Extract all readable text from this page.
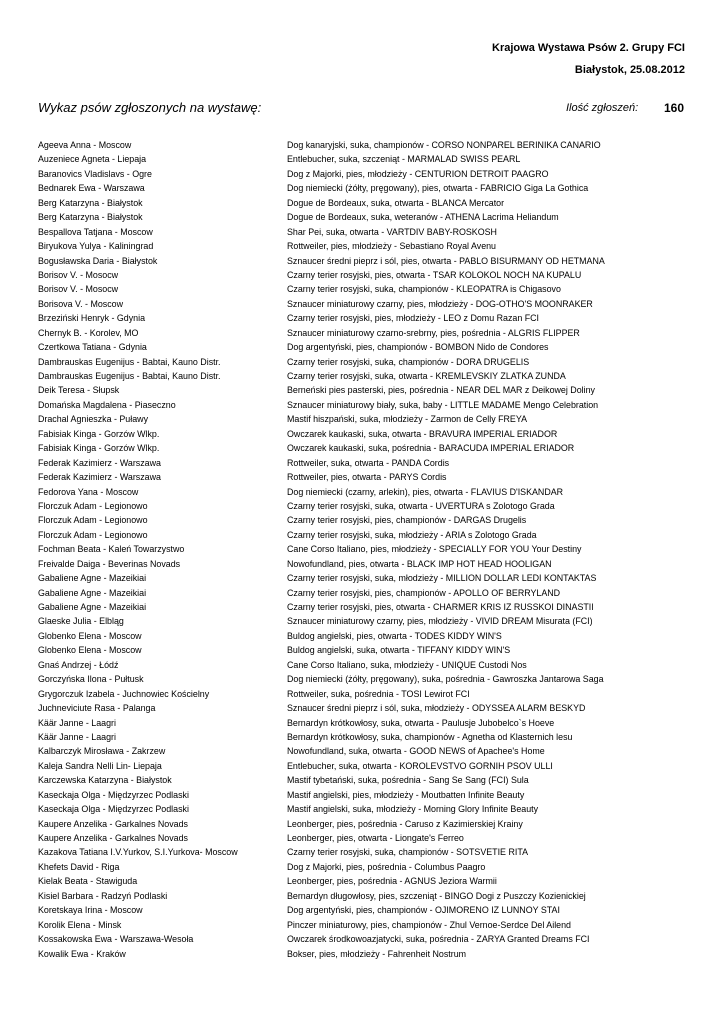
Krajowa Wystawa Psów 2. Grupy FCI
Białystok, 25.08.2012
Wykaz psów zgłoszonych na wystawę:	Ilość zgłoszeń: 160
Ageeva Anna - Moscow	Dog kanaryjski, suka, championów - CORSO NONPAREL BERINIKA CANARIO
Auzeniece Agneta - Liepaja	Entlebucher, suka, szczeniąt - MARMALAD SWISS PEARL
Baranovics Vladislavs - Ogre	Dog z Majorki, pies, młodzieży - CENTURION DETROIT PAAGRO
Bednarek Ewa - Warszawa	Dog niemiecki (żółty, pręgowany), pies, otwarta - FABRICIO Giga La Gothica
Berg Katarzyna - Białystok	Dogue de Bordeaux, suka, otwarta - BLANCA Mercator
Berg Katarzyna - Białystok	Dogue de Bordeaux, suka, weteranów - ATHENA Lacrima Heliandum
Bespallova Tatjana - Moscow	Shar Pei, suka, otwarta - VARTDIV BABY-ROSKOSH
Biryukova Yulya - Kaliningrad	Rottweiler, pies, młodzieży - Sebastiano Royal Avenu
Bogusławska Daria - Białystok	Sznaucer średni pieprz i sól, pies, otwarta - PABLO BISURMANY OD HETMANA
Borisov V. - Mosocw	Czarny terier rosyjski, pies, otwarta - TSAR KOLOKOL NOCH NA KUPALU
Borisov V. - Mosocw	Czarny terier rosyjski, suka, championów - KLEOPATRA is Chigasovo
Borisova V. - Moscow	Sznaucer miniaturowy czarny, pies, młodzieży - DOG-OTHO'S MOONRAKER
Brzeziński Henryk - Gdynia	Czarny terier rosyjski, pies, młodzieży - LEO z Domu Razan FCI
Chernyk B. - Korolev, MO	Sznaucer miniaturowy czarno-srebrny, pies, pośrednia - ALGRIS FLIPPER
Czertkowa Tatiana - Gdynia	Dog argentyński, pies, championów - BOMBON Nido de Condores
Dambrauskas Eugenijus - Babtai, Kauno Distr.	Czarny terier rosyjski, suka, championów - DORA DRUGELIS
Dambrauskas Eugenijus - Babtai, Kauno Distr.	Czarny terier rosyjski, suka, otwarta - KREMLEVSKIY ZLATKA ZUNDA
Deik Teresa - Słupsk	Berneński pies pasterski, pies, pośrednia - NEAR DEL MAR z Deikowej Doliny
Domańska Magdalena - Piaseczno	Sznaucer miniaturowy biały, suka, baby - LITTLE MADAME Mengo Celebration
Drachal Agnieszka - Puławy	Mastif hiszpański, suka, młodzieży - Zarmon de Celly FREYA
Fabisiak Kinga - Gorzów Wlkp.	Owczarek kaukaski, suka, otwarta - BRAVURA IMPERIAL ERIADOR
Fabisiak Kinga - Gorzów Wlkp.	Owczarek kaukaski, suka, pośrednia - BARACUDA IMPERIAL ERIADOR
Federak Kazimierz - Warszawa	Rottweiler, suka, otwarta - PANDA Cordis
Federak Kazimierz - Warszawa	Rottweiler, pies, otwarta - PARYS Cordis
Fedorova Yana - Moscow	Dog niemiecki (czarny, arlekin), pies, otwarta - FLAVIUS D'ISKANDAR
Florczuk Adam - Legionowo	Czarny terier rosyjski, suka, otwarta - UVERTURA s Zolotogo Grada
Florczuk Adam - Legionowo	Czarny terier rosyjski, pies, championów - DARGAS Drugelis
Florczuk Adam - Legionowo	Czarny terier rosyjski, suka, młodzieży - ARIA s Zolotogo Grada
Fochman Beata - Kaleń Towarzystwo	Cane Corso Italiano, pies, młodzieży - SPECIALLY FOR YOU Your Destiny
Freivalde Daiga - Beverinas Novads	Nowofundland, pies, otwarta - BLACK IMP HOT HEAD HOOLIGAN
Gabaliene Agne - Mazeikiai	Czarny terier rosyjski, suka, młodzieży - MILLION DOLLAR LEDI KONTAKTAS
Gabaliene Agne - Mazeikiai	Czarny terier rosyjski, pies, championów - APOLLO OF BERRYLAND
Gabaliene Agne - Mazeikiai	Czarny terier rosyjski, pies, otwarta - CHARMER KRIS IZ RUSSKOI DINASTII
Glaeske Julia - Elbląg	Sznaucer miniaturowy czarny, pies, młodzieży - VIVID DREAM Misurata (FCI)
Globenko Elena - Moscow	Buldog angielski, pies, otwarta - TODES KIDDY WIN'S
Globenko Elena - Moscow	Buldog angielski, suka, otwarta - TIFFANY KIDDY WIN'S
Gnaś Andrzej - Łódź	Cane Corso Italiano, suka, młodzieży - UNIQUE Custodi Nos
Gorczyńska Ilona - Pułtusk	Dog niemiecki (żółty, pręgowany), suka, pośrednia - Gawroszka Jantarowa Saga
Grygorczuk Izabela - Juchnowiec Kościelny	Rottweiler, suka, pośrednia - TOSI Lewirot FCI
Juchneviciute Rasa - Palanga	Sznaucer średni pieprz i sól, suka, młodzieży - ODYSSEA ALARM BESKYD
Käär Janne - Laagri	Bernardyn krótkowłosy, suka, otwarta - Paulusje Jubobelco`s Hoeve
Käär Janne - Laagri	Bernardyn krótkowłosy, suka, championów - Agnetha od Klasternich lesu
Kalbarczyk Mirosława - Zakrzew	Nowofundland, suka, otwarta - GOOD NEWS of Apachee's Home
Kaleja Sandra Nelli Lin- Liepaja	Entlebucher, suka, otwarta - KOROLEVSTVO GORNIH PSOV ULLI
Karczewska Katarzyna - Białystok	Mastif tybetański, suka, pośrednia - Sang Se Sang (FCI) Sula
Kaseckaja Olga - Międzyrzec Podlaski	Mastif angielski, pies, młodzieży - Moutbatten Infinite Beauty
Kaseckaja Olga - Międzyrzec Podlaski	Mastif angielski, suka, młodzieży - Morning Glory Infinite Beauty
Kaupere Anzelika - Garkalnes Novads	Leonberger, pies, pośrednia - Caruso z Kazimierskiej Krainy
Kaupere Anzelika - Garkalnes Novads	Leonberger, pies, otwarta - Liongate's Ferreo
Kazakova Tatiana I.V.Yurkov, S.I.Yurkova- Moscow	Czarny terier rosyjski, suka, championów - SOTSVETIE RITA
Khefets David - Riga	Dog z Majorki, pies, pośrednia - Columbus Paagro
Kielak Beata - Stawiguda	Leonberger, pies, pośrednia - AGNUS Jeziora Warmii
Kisiel Barbara - Radzyń Podlaski	Bernardyn długowłosy, pies, szczeniąt - BINGO Dogi z Puszczy Kozienickiej
Koretskaya Irina - Moscow	Dog argentyński, pies, championów - OJIMORENO IZ LUNNOY STAI
Korolik Elena - Minsk	Pinczer miniaturowy, pies, championów - Zhul Vernoe-Serdce Del Ailend
Kossakowska Ewa - Warszawa-Wesoła	Owczarek środkowoazjatycki, suka, pośrednia - ZARYA Granted Dreams FCI
Kowalik Ewa - Kraków	Bokser, pies, młodzieży - Fahrenheit Nostrum
